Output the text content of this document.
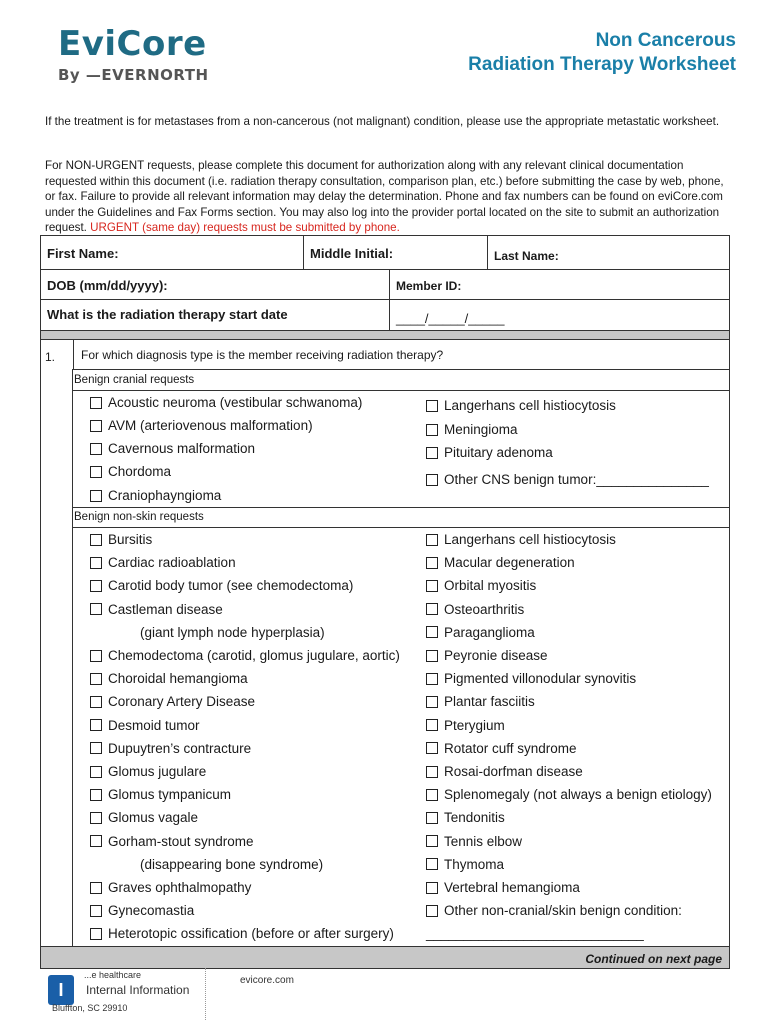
EviCore
By —EVERNORTH
Non Cancerous
Radiation Therapy Worksheet
If the treatment is for metastases from a non-cancerous (not malignant) condition, please use the appropriate metastatic worksheet.
For NON-URGENT requests, please complete this document for authorization along with any relevant clinical documentation requested within this document (i.e. radiation therapy consultation, comparison plan, etc.) before submitting the case by web, phone, or fax. Failure to provide all relevant information may delay the determination. Phone and fax numbers can be found on eviCore.com under the Guidelines and Fax Forms section. You may also log into the provider portal located on the site to submit an authorization request. URGENT (same day) requests must be submitted by phone.
First Name:	Middle Initial:	Last Name:
DOB (mm/dd/yyyy):	Member ID:
What is the radiation therapy start date	____/_____/_____
1. For which diagnosis type is the member receiving radiation therapy?
Benign cranial requests
Acoustic neuroma (vestibular schwanoma)
AVM (arteriovenous malformation)
Cavernous malformation
Chordoma
Craniophayngioma
Langerhans cell histiocytosis
Meningioma
Pituitary adenoma
Other CNS benign tumor:_______________
Benign non-skin requests
Bursitis
Cardiac radioablation
Carotid body tumor (see chemodectoma)
Castleman disease
(giant lymph node hyperplasia)
Chemodectoma (carotid, glomus jugulare, aortic)
Choroidal hemangioma
Coronary Artery Disease
Desmoid tumor
Dupuytren’s contracture
Glomus jugulare
Glomus tympanicum
Glomus vagale
Gorham-stout syndrome
(disappearing bone syndrome)
Graves ophthalmopathy
Gynecomastia
Heterotopic ossification (before or after surgery)
Langerhans cell histiocytosis
Macular degeneration
Orbital myositis
Osteoarthritis
Paraganglioma
Peyronie disease
Pigmented villonodular synovitis
Plantar fasciitis
Pterygium
Rotator cuff syndrome
Rosai-dorfman disease
Splenomegaly (not always a benign etiology)
Tendonitis
Tennis elbow
Thymoma
Vertebral hemangioma
Other non-cranial/skin benign condition:
_____________________________
Continued on next page
I
...e healthcare
Internal Information
Bluffton, SC 29910
evicore.com
